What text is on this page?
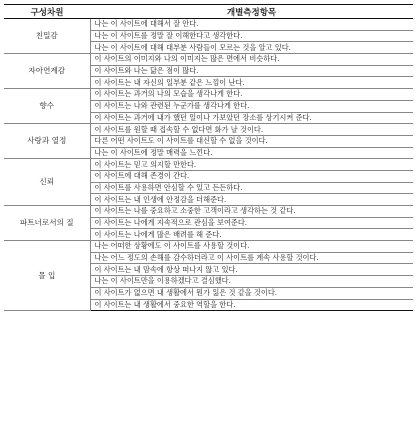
구성차원	개별측정항목
친밀감	나는 이 사이트에 대해서 잘 안다.
	나는 이 사이트를 정말 잘 이해한다고 생각한다.
	나는 이 사이트에 대해 대부분 사람들이 모르는 것을 알고 있다.
자아연계감	이 사이트의 이미지와 나의 이미지는 많은 면에서 비슷하다.
	이 사이트와 나는 닮은 점이 많다.
	이 사이트는 내 자신의 일부분 같은 느낌이 난다.
향수	이 사이트는 과거의 나의 모습을 생각나게 한다.
	이 사이트는 나와 관련된 누군가를 생각나게 한다.
	이 사이트는 과거에 내가 했던 일이나 가보았던 장소를 상기시켜 준다.
사랑과 열정	이 사이트를 원할 때 접속할 수 없다면 화가 날 것이다.
	다른 어떤 사이트도 이 사이트를 대신할 수 없을 것이다.
	나는 이 사이트에 정말 매력을 느낀다.
신뢰	이 사이트는 믿고 의지할 만한다.
	이 사이트에 대해 존경이 간다.
	이 사이트를 사용하면 안심할 수 있고 든든하다.
	이 사이트는 내 인생에 안정감을 더해준다.
파트너로서의 질	이 사이트는 나를 중요하고 소중한 고객이라고 생각하는 것 같다.
	이 사이트는 나에게 지속적으로 관심을 보여준다.
	이 사이트는 나에게 많은 배려를 해 준다.
몰 입	나는 어떠한 상황에도 이 사이트를 사용할 것이다.
	나는 어느 정도의 손해를 감수하더라고 이 사이트를 계속 사용할 것이다.
	이 사이트는 내 맘속에 항상 떠나지 않고 있다.
	나는 이 사이트만을 이용하겠다고 결심했다.
	이 사이트가 없으면 내 생활에서 뭔가 잃은 것 같을 것이다.
	이 사이트는 내 생활에서 중요한 역할을 한다.
